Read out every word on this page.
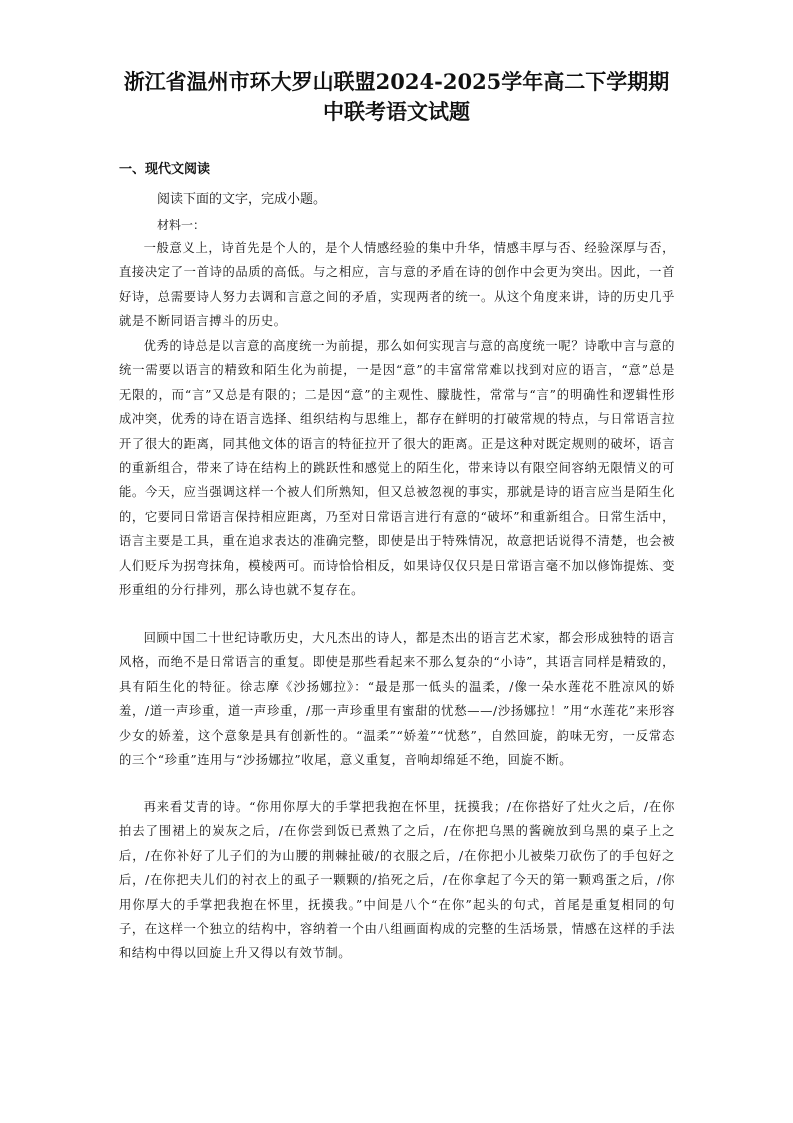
浙江省温州市环大罗山联盟2024-2025学年高二下学期期
中联考语文试题
一、现代文阅读
阅读下面的文字，完成小题。
材料一：

一般意义上，诗首先是个人的，是个人情感经验的集中升华，情感丰厚与否、经验深厚与否，直接决定了一首诗的品质的高低。与之相应，言与意的矛盾在诗的创作中会更为突出。因此，一首好诗，总需要诗人努力去调和言意之间的矛盾，实现两者的统一。从这个角度来讲，诗的历史几乎就是不断同语言搏斗的历史。

优秀的诗总是以言意的高度统一为前提，那么如何实现言与意的高度统一呢？诗歌中言与意的统一需要以语言的精致和陌生化为前提，一是因“意”的丰富常常难以找到对应的语言，“意”总是无限的，而“言”又总是有限的；二是因“意”的主观性、朦胧性，常常与“言”的明确性和逻辑性形成冲突，优秀的诗在语言选择、组织结构与思维上，都存在鲜明的打破常规的特点，与日常语言拉开了很大的距离，同其他文体的语言的特征拉开了很大的距离。正是这种对既定规则的破坏，语言的重新组合，带来了诗在结构上的跳跃性和感觉上的陌生化，带来诗以有限空间容纳无限情义的可能。今天，应当强调这样一个被人们所熟知，但又总被忽视的事实，那就是诗的语言应当是陌生化的，它要同日常语言保持相应距离，乃至对日常语言进行有意的“破坏”和重新组合。日常生活中，语言主要是工具，重在追求表达的准确完整，即使是出于特殊情况，故意把话说得不清楚，也会被人们贬斥为拐弯抹角，模棱两可。而诗恰恰相反，如果诗仅仅只是日常语言毫不加以修饰提炼、变形重组的分行排列，那么诗也就不复存在。

回顾中国二十世纪诗歌历史，大凡杰出的诗人，都是杰出的语言艺术家，都会形成独特的语言风格，而绝不是日常语言的重复。即使是那些看起来不那么复杂的“小诗”，其语言同样是精致的，具有陌生化的特征。徐志摩《沙扬娜拉》：“最是那一低头的温柔，/像一朵水莲花不胜凉风的娇羞，/道一声珍重，道一声珍重，/那一声珍重里有蜜甜的忧愁——/沙扬娜拉！”用“水莲花”来形容少女的娇羞，这个意象是具有创新性的。“温柔”“娇羞”“忧愁”，自然回旋，韵味无穷，一反常态的三个“珍重”连用与“沙扬娜拉”收尾，意义重复，音响却绵延不绝，回旋不断。

再来看艾青的诗。“你用你厚大的手掌把我抱在怀里，抚摸我；/在你搭好了灶火之后，/在你拍去了围裙上的炭灰之后，/在你尝到饭已煮熟了之后，/在你把乌黑的酱碗放到乌黑的桌子上之后，/在你补好了儿子们的为山腰的荆棘扯破/的衣服之后，/在你把小儿被柴刀砍伤了的手包好之后，/在你把夫儿们的衬衣上的虱子一颗颗的/掐死之后，/在你拿起了今天的第一颗鸡蛋之后，/你用你厚大的手掌把我抱在怀里，抚摸我。”中间是八个“在你”起头的句式，首尾是重复相同的句子，在这样一个独立的结构中，容纳着一个由八组画面构成的完整的生活场景，情感在这样的手法和结构中得以回旋上升又得以有效节制。
